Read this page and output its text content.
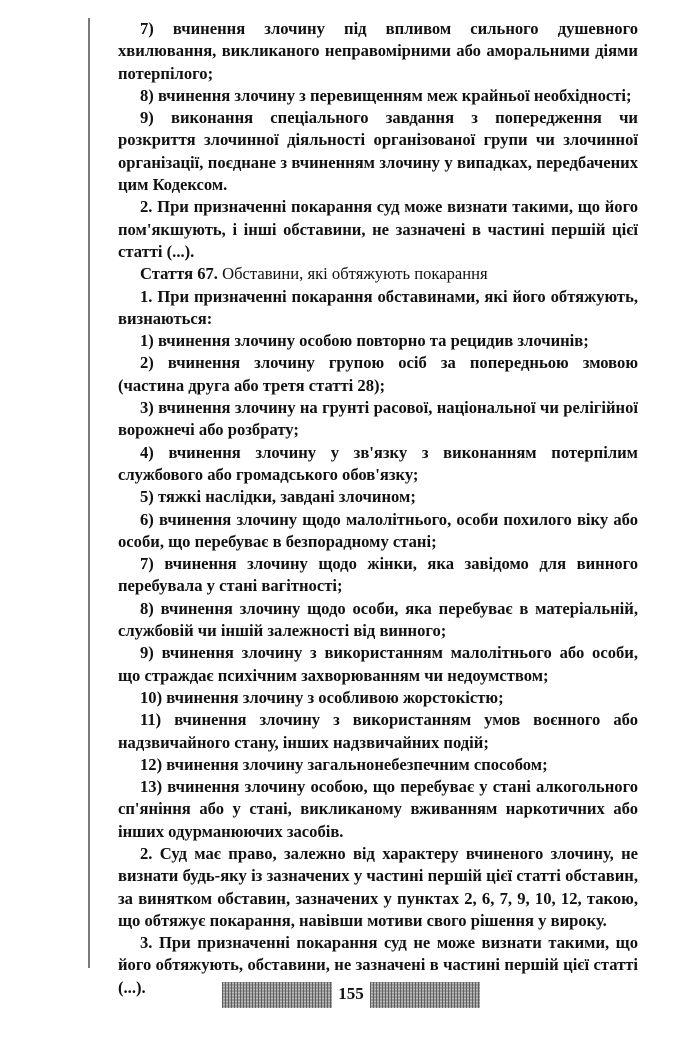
7) вчинення злочину під впливом сильного душевного хвилювання, викликаного неправомірними або аморальними діями потерпілого;

8) вчинення злочину з перевищенням меж крайньої необхідності;

9) виконання спеціального завдання з попередження чи розкриття злочинної діяльності організованої групи чи злочинної організації, поєднане з вчиненням злочину у випадках, передбачених цим Кодексом.

2. При призначенні покарання суд може визнати такими, що його пом'якшують, і інші обставини, не зазначені в частині першій цієї статті (...).

Стаття 67. Обставини, які обтяжують покарання

1. При призначенні покарання обставинами, які його обтяжують, визнаються:

1) вчинення злочину особою повторно та рецидив злочинів;

2) вчинення злочину групою осіб за попередньою змовою (частина друга або третя статті 28);

3) вчинення злочину на грунті расової, національної чи релігійної ворожнечі або розбрату;

4) вчинення злочину у зв'язку з виконанням потерпілим службового або громадського обов'язку;

5) тяжкі наслідки, завдані злочином;

6) вчинення злочину щодо малолітнього, особи похилого віку або особи, що перебуває в безпорадному стані;

7) вчинення злочину щодо жінки, яка завідомо для винного перебувала у стані вагітності;

8) вчинення злочину щодо особи, яка перебуває в матеріальній, службовій чи іншій залежності від винного;

9) вчинення злочину з використанням малолітнього або особи, що страждає психічним захворюванням чи недоумством;

10) вчинення злочину з особливою жорстокістю;

11) вчинення злочину з використанням умов воєнного або надзвичайного стану, інших надзвичайних подій;

12) вчинення злочину загальнонебезпечним способом;

13) вчинення злочину особою, що перебуває у стані алкогольного сп'яніння або у стані, викликаному вживанням наркотичних або інших одурманюючих засобів.

2. Суд має право, залежно від характеру вчиненого злочину, не визнати будь-яку із зазначених у частині першій цієї статті обставин, за винятком обставин, зазначених у пунктах 2, 6, 7, 9, 10, 12, такою, що обтяжує покарання, навівши мотиви свого рішення у вироку.

3. При призначенні покарання суд не може визнати такими, що його обтяжують, обставини, не зазначені в частині першій цієї статті (...).	155
